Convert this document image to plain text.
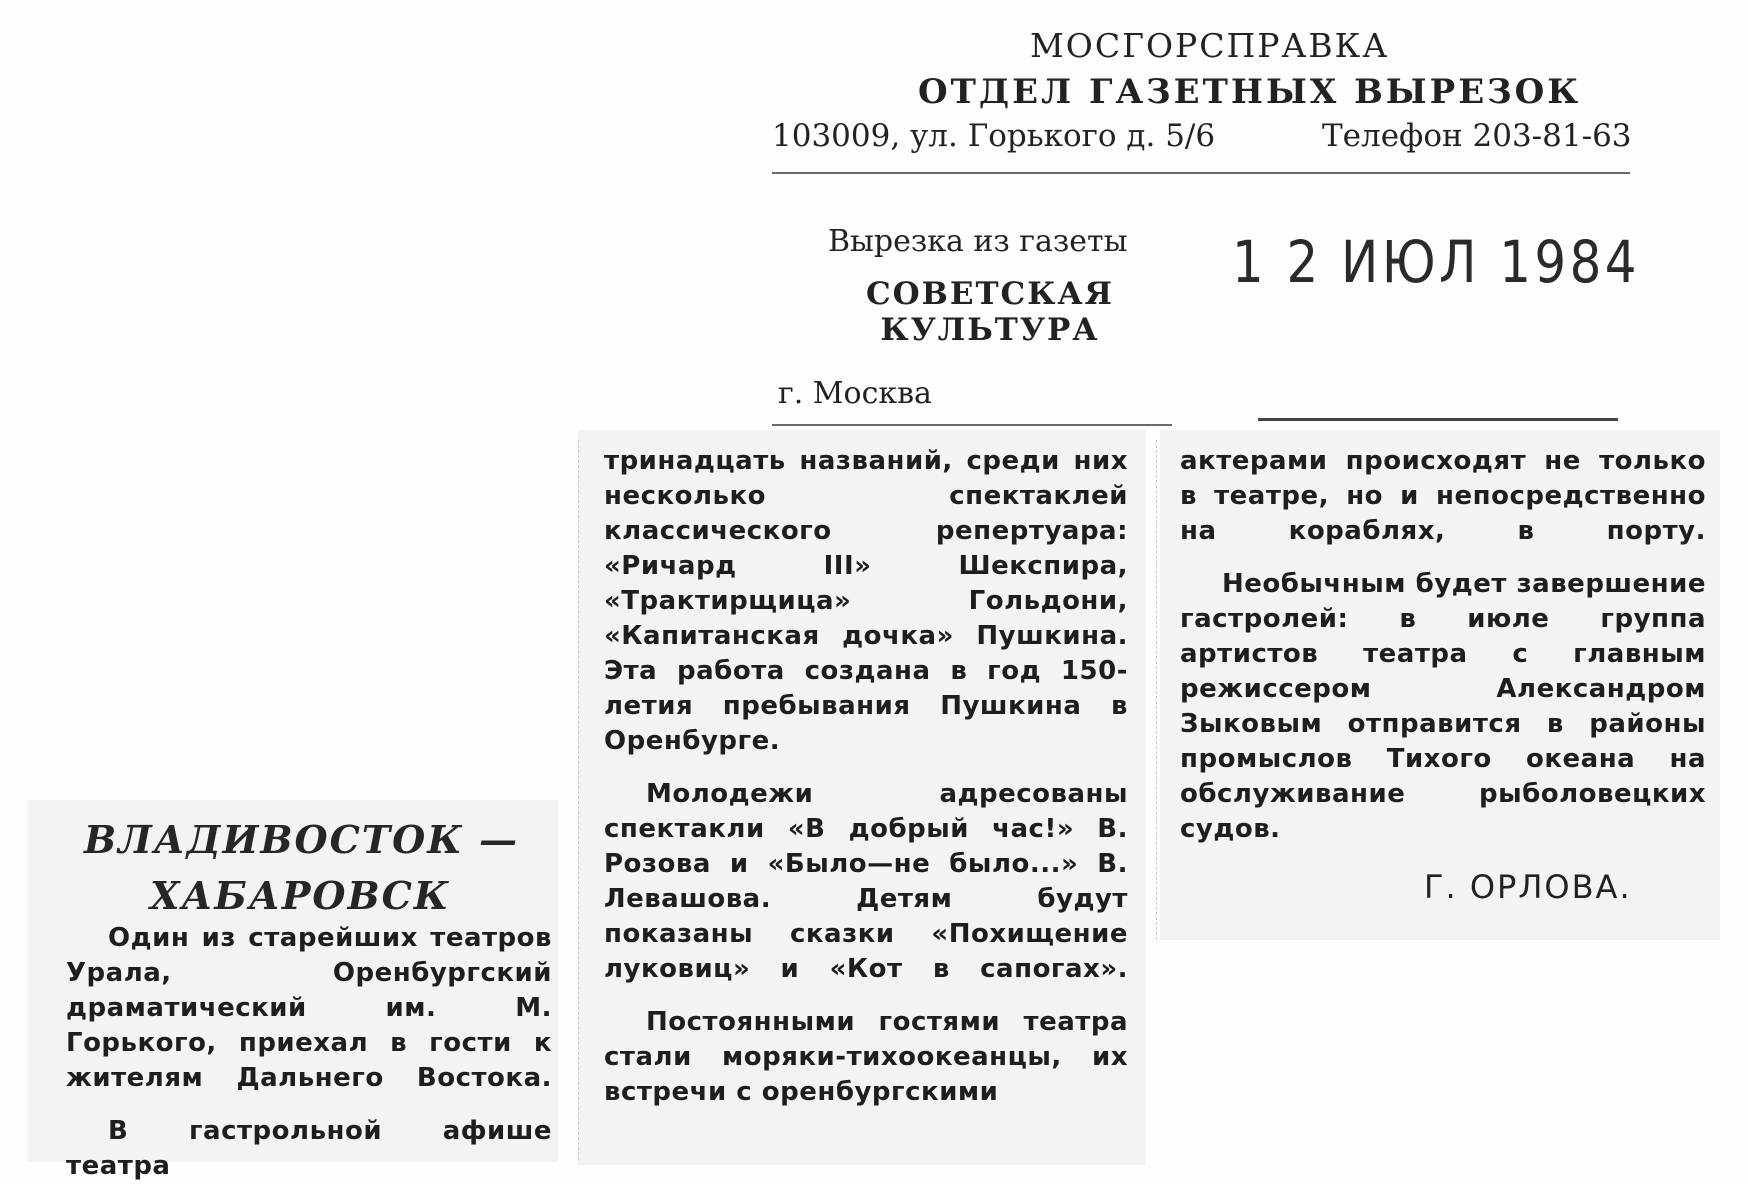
МОСГОРСПРАВКА
ОТДЕЛ ГАЗЕТНЫХ ВЫРЕЗОК
103009, ул. Горького д. 5/6	Телефон 203-81-63
Вырезка из газеты
СОВЕТСКАЯ КУЛЬТУРА
г. Москва
1 2 ИЮЛ 1984
ВЛАДИВОСТОК —
ХАБАРОВСК

Один из старейших театров Урала, Оренбургский драматический им. М. Горького, приехал в гости к жителям Дальнего Востока.

В гастрольной афише театра

тринадцать названий, среди них несколько спектаклей классического репертуара: «Ричард III» Шекспира, «Трактирщица» Гольдони, «Капитанская дочка» Пушкина. Эта работа создана в год 150-летия пребывания Пушкина в Оренбурге.

Молодежи адресованы спектакли «В добрый час!» В. Розова и «Было—не было...» В. Левашова. Детям будут показаны сказки «Похищение луковиц» и «Кот в сапогах».

Постоянными гостями театра стали моряки-тихоокеанцы, их встречи с оренбургскими

актерами происходят не только в театре, но и непосредственно на кораблях, в порту.

Необычным будет завершение гастролей: в июле группа артистов театра с главным режиссером Александром Зыковым отправится в районы промыслов Тихого океана на обслуживание рыболовецких судов.

Г. ОРЛОВА.
